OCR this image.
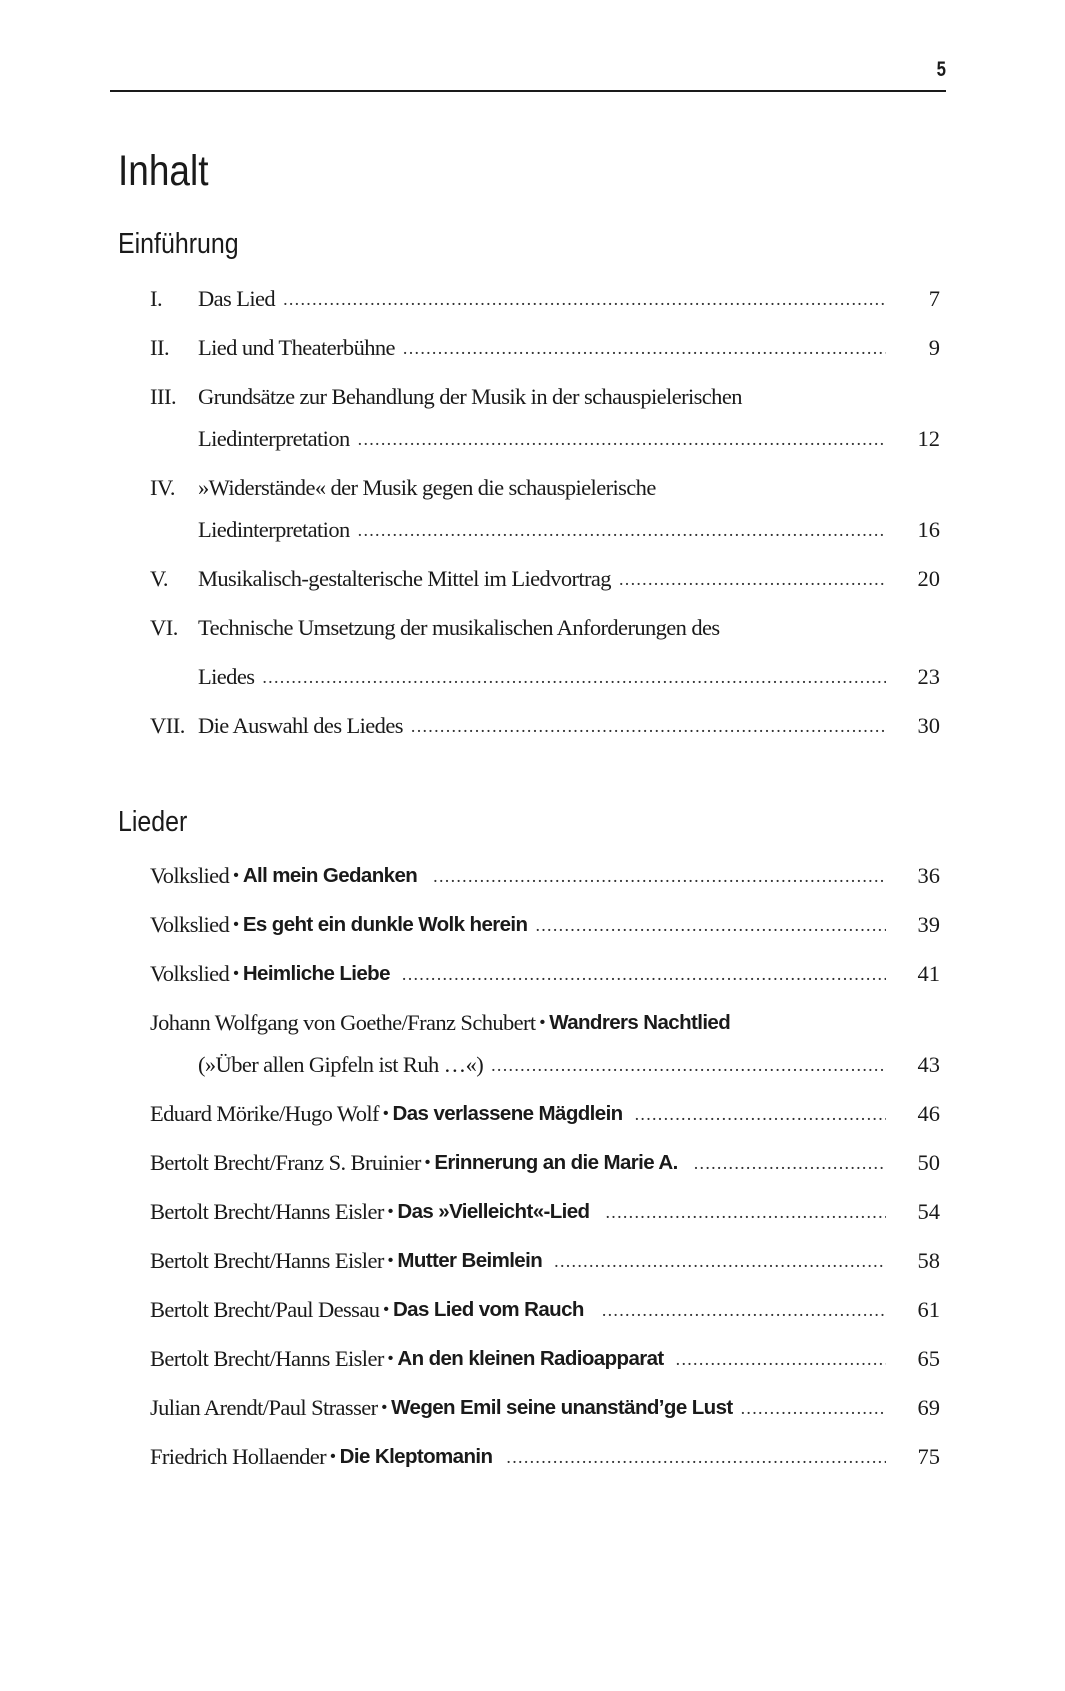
5
Inhalt
Einführung
I. Das Lied . . .	7
II. Lied und Theaterbühne . . .	9
III. Grundsätze zur Behandlung der Musik in der schauspielerischen
Liedinterpretation . . .	12
IV. »Widerstände« der Musik gegen die schauspielerische
Liedinterpretation . . .	16
V. Musikalisch-gestalterische Mittel im Liedvortrag . . .	20
VI. Technische Umsetzung der musikalischen Anforderungen des
Liedes . . .	23
VII. Die Auswahl des Liedes . . .	30
Lieder
Volkslied • All mein Gedanken . . .	36
Volkslied • Es geht ein dunkle Wolk herein . . .	39
Volkslied • Heimliche Liebe . . .	41
Johann Wolfgang von Goethe/Franz Schubert • Wandrers Nachtlied
(»Über allen Gipfeln ist Ruh …«) . . .	43
Eduard Mörike/Hugo Wolf • Das verlassene Mägdlein . . .	46
Bertolt Brecht/Franz S. Bruinier • Erinnerung an die Marie A. . . .	50
Bertolt Brecht/Hanns Eisler • Das »Vielleicht«-Lied . . .	54
Bertolt Brecht/Hanns Eisler • Mutter Beimlein . . .	58
Bertolt Brecht/Paul Dessau • Das Lied vom Rauch . . .	61
Bertolt Brecht/Hanns Eisler • An den kleinen Radioapparat . . .	65
Julian Arendt/Paul Strasser • Wegen Emil seine unanständ’ge Lust . . .	69
Friedrich Hollaender • Die Kleptomanin . . .	75
